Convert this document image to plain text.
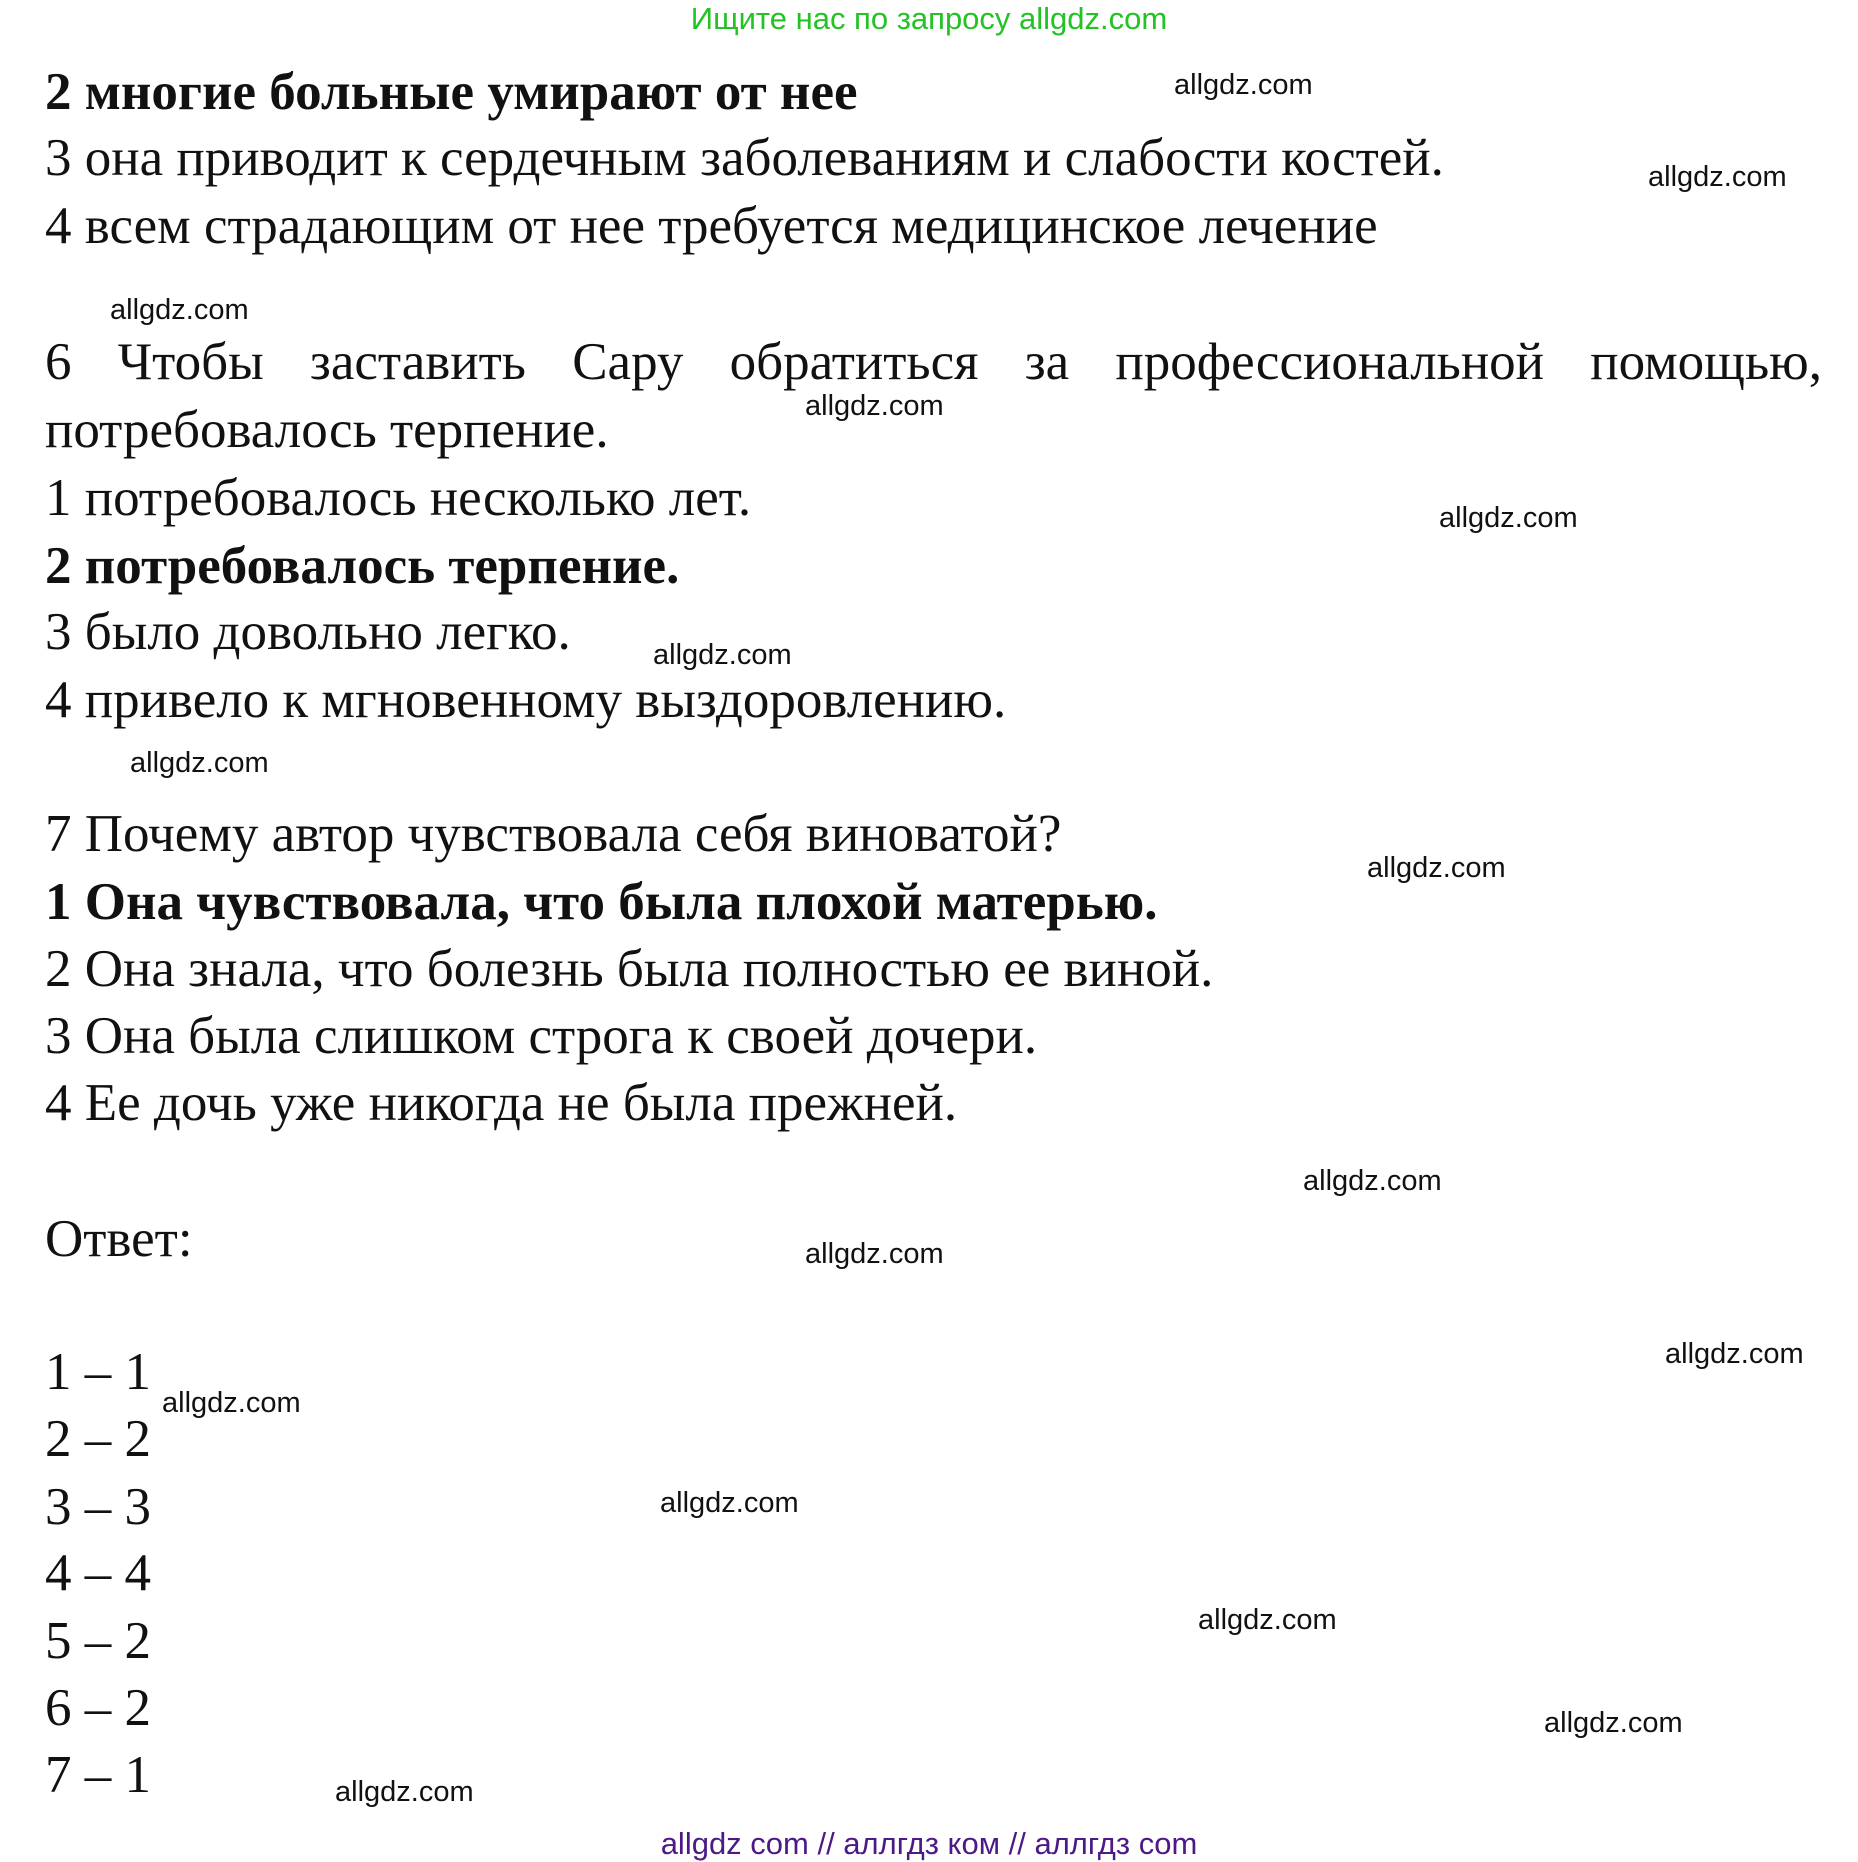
Ищите нас по запросу allgdz.com
2 многие больные умирают от нее
3 она приводит к сердечным заболеваниям и слабости костей.
4 всем страдающим от нее требуется медицинское лечение
6 Чтобы заставить Сару обратиться за профессиональной помощью, потребовалось терпение.
1 потребовалось несколько лет.
2 потребовалось терпение.
3 было довольно легко.
4 привело к мгновенному выздоровлению.
7 Почему автор чувствовала себя виноватой?
1 Она чувствовала, что была плохой матерью.
2 Она знала, что болезнь была полностью ее виной.
3 Она была слишком строга к своей дочери.
4 Ее дочь уже никогда не была прежней.
Ответ:
1 – 1
2 – 2
3 – 3
4 – 4
5 – 2
6 – 2
7 – 1
allgdz.com
allgdz.com
allgdz.com
allgdz.com
allgdz.com
allgdz.com
allgdz.com
allgdz.com
allgdz.com
allgdz.com
allgdz.com
allgdz.com
allgdz.com
allgdz.com
allgdz.com
allgdz.com
allgdz com // аллгдз ком // аллгдз com
